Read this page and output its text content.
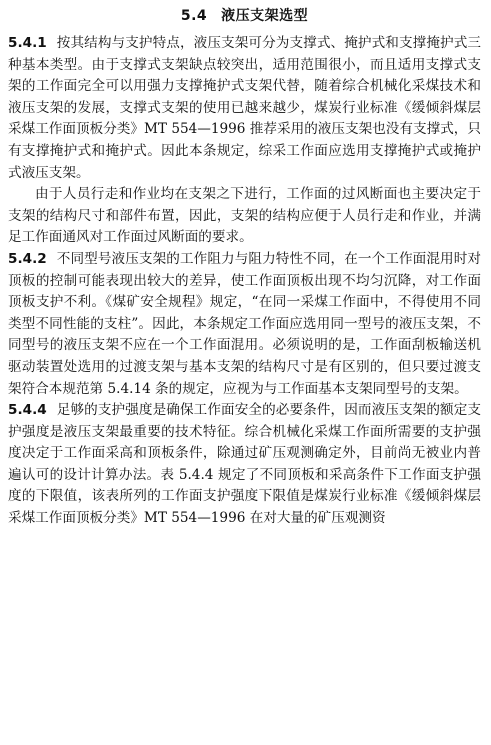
5.4 液压支架选型

5.4.1 按其结构与支护特点，液压支架可分为支撑式、掩护式和支撑掩护式三种基本类型。由于支撑式支架缺点较突出，适用范围很小，而且适用支撑式支架的工作面完全可以用强力支撑掩护式支架代替，随着综合机械化采煤技术和液压支架的发展，支撑式支架的使用已越来越少，煤炭行业标准《缓倾斜煤层采煤工作面顶板分类》MT 554—1996 推荐采用的液压支架也没有支撑式，只有支撑掩护式和掩护式。因此本条规定，综采工作面应选用支撑掩护式或掩护式液压支架。

由于人员行走和作业均在支架之下进行，工作面的过风断面也主要决定于支架的结构尺寸和部件布置，因此，支架的结构应便于人员行走和作业，并满足工作面通风对工作面过风断面的要求。

5.4.2 不同型号液压支架的工作阻力与阻力特性不同，在一个工作面混用时对顶板的控制可能表现出较大的差异，使工作面顶板出现不均匀沉降，对工作面顶板支护不利。《煤矿安全规程》规定，“在同一采煤工作面中，不得使用不同类型不同性能的支柱”。因此，本条规定工作面应选用同一型号的液压支架，不同型号的液压支架不应在一个工作面混用。必须说明的是，工作面刮板输送机驱动装置处选用的过渡支架与基本支架的结构尺寸是有区别的，但只要过渡支架符合本规范第 5.4.14 条的规定，应视为与工作面基本支架同型号的支架。

5.4.4 足够的支护强度是确保工作面安全的必要条件，因而液压支架的额定支护强度是液压支架最重要的技术特征。综合机械化采煤工作面所需要的支护强度决定于工作面采高和顶板条件，除通过矿压观测确定外，目前尚无被业内普遍认可的设计计算办法。表 5.4.4 规定了不同顶板和采高条件下工作面支护强度的下限值，该表所列的工作面支护强度下限值是煤炭行业标准《缓倾斜煤层采煤工作面顶板分类》MT 554—1996 在对大量的矿压观测资
